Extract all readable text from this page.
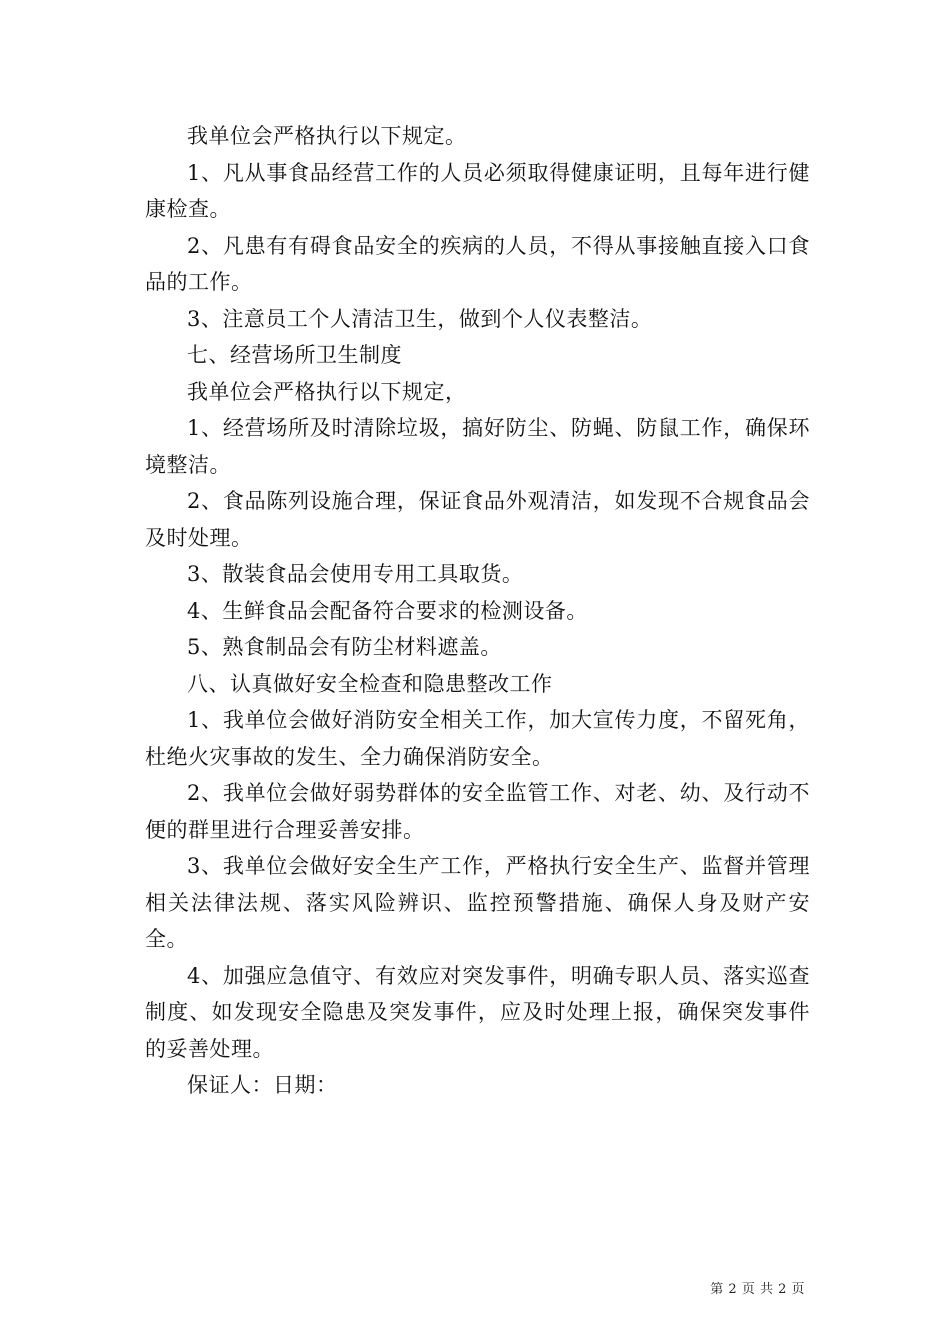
我单位会严格执行以下规定。

1、凡从事食品经营工作的人员必须取得健康证明，且每年进行健康检查。

2、凡患有有碍食品安全的疾病的人员，不得从事接触直接入口食品的工作。

3、注意员工个人清洁卫生，做到个人仪表整洁。

七、经营场所卫生制度

我单位会严格执行以下规定，

1、经营场所及时清除垃圾，搞好防尘、防蝇、防鼠工作，确保环境整洁。

2、食品陈列设施合理，保证食品外观清洁，如发现不合规食品会及时处理。

3、散装食品会使用专用工具取货。

4、生鲜食品会配备符合要求的检测设备。

5、熟食制品会有防尘材料遮盖。

八、认真做好安全检查和隐患整改工作

1、我单位会做好消防安全相关工作，加大宣传力度，不留死角，杜绝火灾事故的发生、全力确保消防安全。

2、我单位会做好弱势群体的安全监管工作、对老、幼、及行动不便的群里进行合理妥善安排。

3、我单位会做好安全生产工作，严格执行安全生产、监督并管理相关法律法规、落实风险辨识、监控预警措施、确保人身及财产安全。

4、加强应急值守、有效应对突发事件，明确专职人员、落实巡查制度、如发现安全隐患及突发事件，应及时处理上报，确保突发事件的妥善处理。

保证人：日期：

第 2 页 共 2 页
